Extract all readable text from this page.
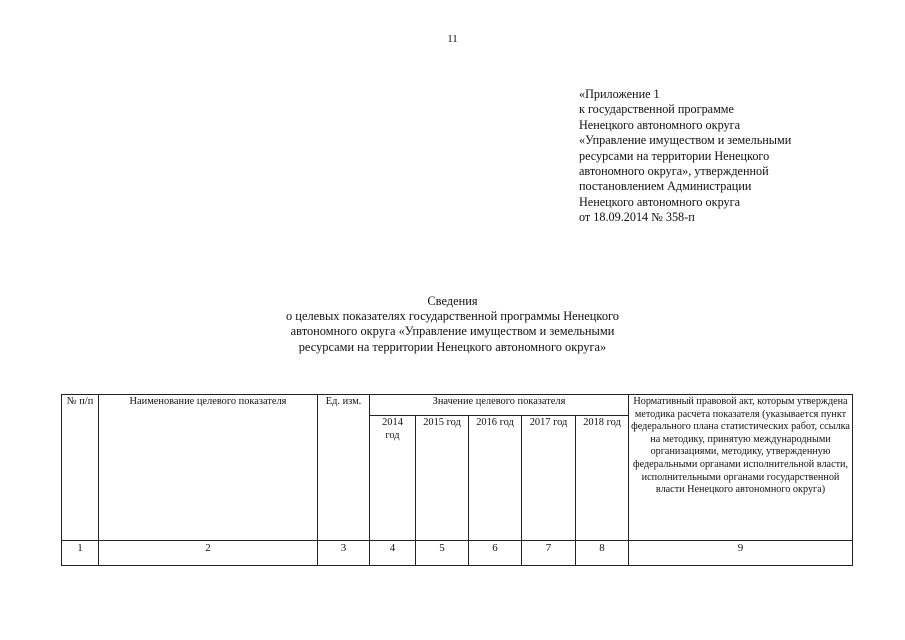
11
«Приложение 1
к государственной программе
Ненецкого автономного округа
«Управление имуществом и земельными
ресурсами на территории Ненецкого
автономного округа», утвержденной
постановлением Администрации
Ненецкого автономного округа
от 18.09.2014 № 358-п
Сведения
о целевых показателях государственной программы Ненецкого
автономного округа «Управление имуществом и земельными
ресурсами на территории Ненецкого автономного округа»
№ п/п	Наименование целевого показателя	Ед. изм.	Значение целевого показателя					Нормативный правовой акт, которым утверждена методика расчета показателя (указывается пункт федерального плана статистических работ, ссылка на методику, принятую международными организациями, методику, утвержденную федеральными органами исполнительной власти, исполнительными органами государственной власти Ненецкого автономного округа)
			2014 год	2015 год	2016 год	2017 год	2018 год	
1	2	3	4	5	6	7	8	9
